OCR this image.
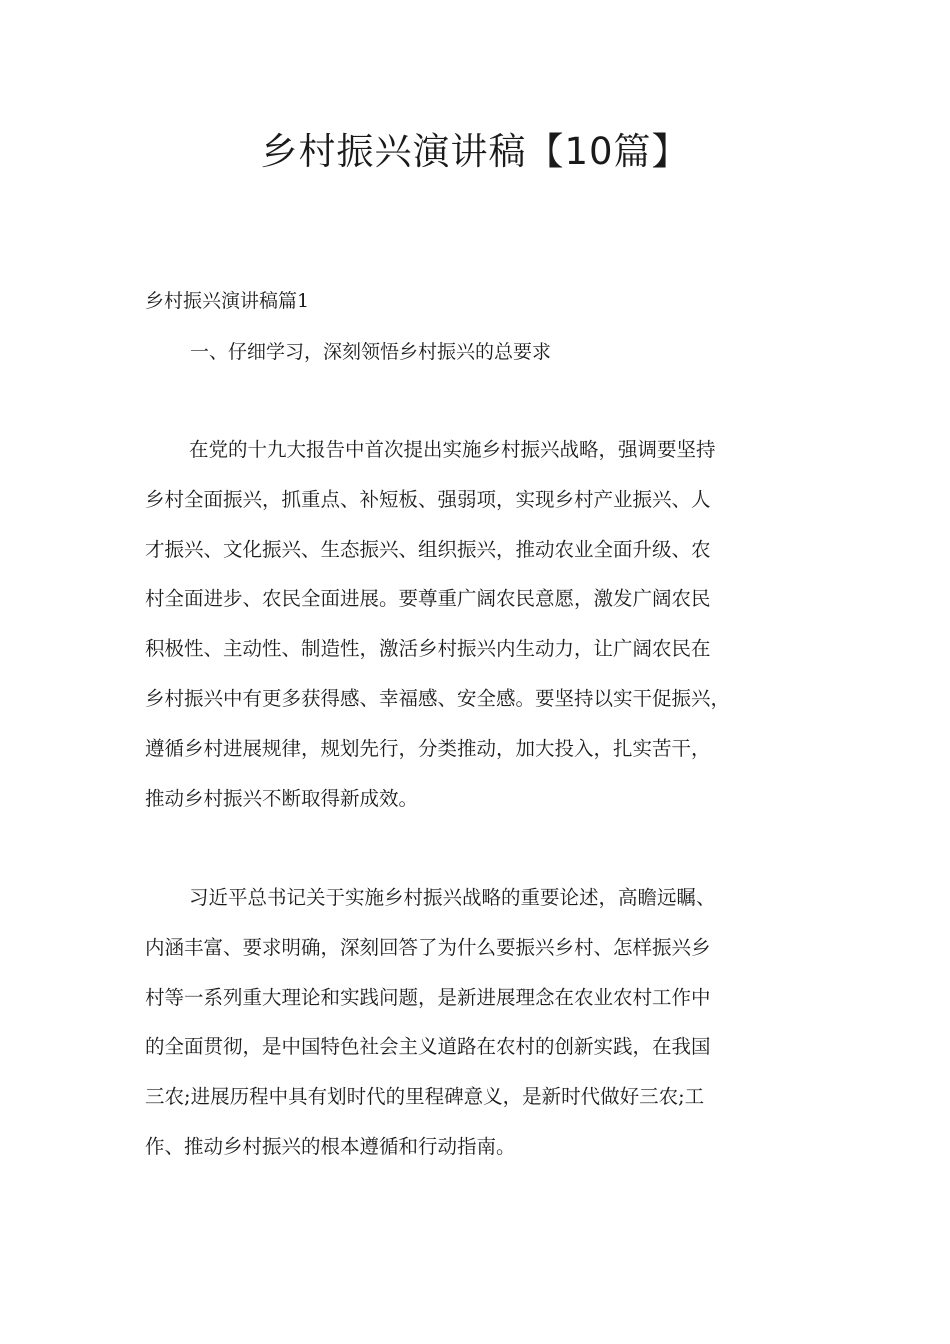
乡村振兴演讲稿【10篇】
乡村振兴演讲稿篇1
一、仔细学习，深刻领悟乡村振兴的总要求

在党的十九大报告中首次提出实施乡村振兴战略，强调要坚持
乡村全面振兴，抓重点、补短板、强弱项，实现乡村产业振兴、人
才振兴、文化振兴、生态振兴、组织振兴，推动农业全面升级、农
村全面进步、农民全面进展。要尊重广阔农民意愿，激发广阔农民
积极性、主动性、制造性，激活乡村振兴内生动力，让广阔农民在
乡村振兴中有更多获得感、幸福感、安全感。要坚持以实干促振兴，
遵循乡村进展规律，规划先行，分类推动，加大投入，扎实苦干，
推动乡村振兴不断取得新成效。

习近平总书记关于实施乡村振兴战略的重要论述，高瞻远瞩、
内涵丰富、要求明确，深刻回答了为什么要振兴乡村、怎样振兴乡
村等一系列重大理论和实践问题，是新进展理念在农业农村工作中
的全面贯彻，是中国特色社会主义道路在农村的创新实践，在我国
三农;进展历程中具有划时代的里程碑意义，是新时代做好三农;工
作、推动乡村振兴的根本遵循和行动指南。
